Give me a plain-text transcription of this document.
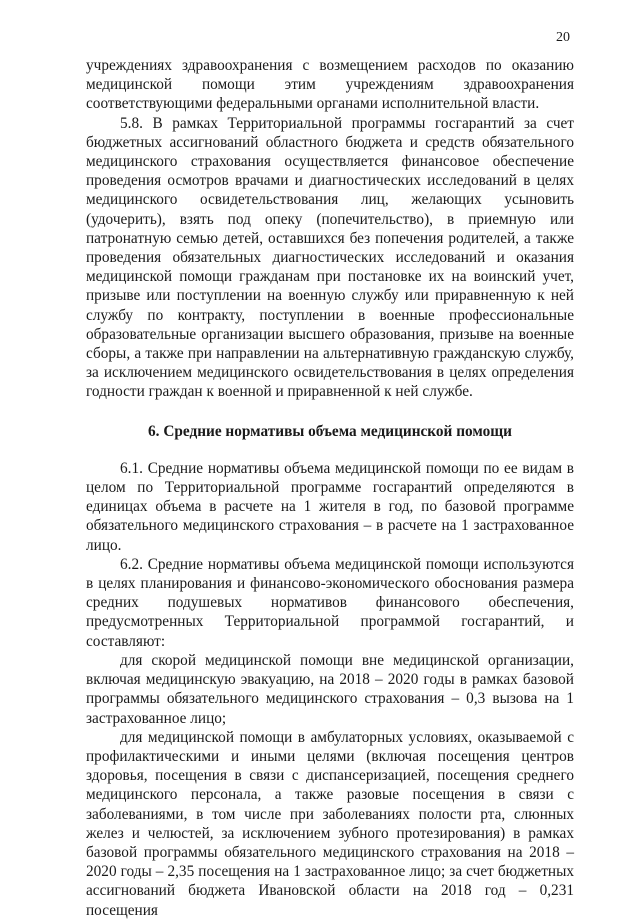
20

учреждениях здравоохранения с возмещением расходов по оказанию медицинской помощи этим учреждениям здравоохранения соответствующими федеральными органами исполнительной власти.

5.8. В рамках Территориальной программы госгарантий за счет бюджетных ассигнований областного бюджета и средств обязательного медицинского страхования осуществляется финансовое обеспечение проведения осмотров врачами и диагностических исследований в целях медицинского освидетельствования лиц, желающих усыновить (удочерить), взять под опеку (попечительство), в приемную или патронатную семью детей, оставшихся без попечения родителей, а также проведения обязательных диагностических исследований и оказания медицинской помощи гражданам при постановке их на воинский учет, призыве или поступлении на военную службу или приравненную к ней службу по контракту, поступлении в военные профессиональные образовательные организации высшего образования, призыве на военные сборы, а также при направлении на альтернативную гражданскую службу, за исключением медицинского освидетельствования в целях определения годности граждан к военной и приравненной к ней службе.

6. Средние нормативы объема медицинской помощи

6.1. Средние нормативы объема медицинской помощи по ее видам в целом по Территориальной программе госгарантий определяются в единицах объема в расчете на 1 жителя в год, по базовой программе обязательного медицинского страхования – в расчете на 1 застрахованное лицо.

6.2. Средние нормативы объема медицинской помощи используются в целях планирования и финансово-экономического обоснования размера средних подушевых нормативов финансового обеспечения, предусмотренных Территориальной программой госгарантий, и составляют:

для скорой медицинской помощи вне медицинской организации, включая медицинскую эвакуацию, на 2018 – 2020 годы в рамках базовой программы обязательного медицинского страхования – 0,3 вызова на 1 застрахованное лицо;

для медицинской помощи в амбулаторных условиях, оказываемой с профилактическими и иными целями (включая посещения центров здоровья, посещения в связи с диспансеризацией, посещения среднего медицинского персонала, а также разовые посещения в связи с заболеваниями, в том числе при заболеваниях полости рта, слюнных желез и челюстей, за исключением зубного протезирования) в рамках базовой программы обязательного медицинского страхования на 2018 – 2020 годы – 2,35 посещения на 1 застрахованное лицо; за счет бюджетных ассигнований бюджета Ивановской области на 2018 год – 0,231 посещения
